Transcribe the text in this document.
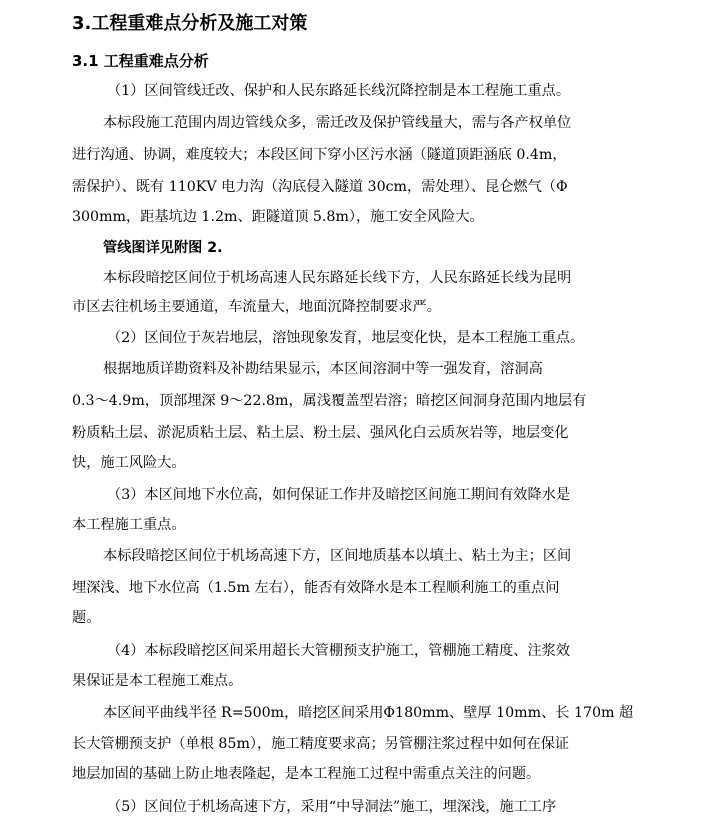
3.工程重难点分析及施工对策
3.1 工程重难点分析
（1）区间管线迁改、保护和人民东路延长线沉降控制是本工程施工重点。
本标段施工范围内周边管线众多，需迁改及保护管线量大，需与各产权单位
进行沟通、协调，难度较大；本段区间下穿小区污水涵（隧道顶距涵底 0.4m，
需保护）、既有 110KV 电力沟（沟底侵入隧道 30cm，需处理）、昆仑燃气（Φ
300mm，距基坑边 1.2m、距隧道顶 5.8m），施工安全风险大。
管线图详见附图 2.
本标段暗挖区间位于机场高速人民东路延长线下方，人民东路延长线为昆明
市区去往机场主要通道，车流量大，地面沉降控制要求严。
（2）区间位于灰岩地层，溶蚀现象发育，地层变化快，是本工程施工重点。
根据地质详勘资料及补勘结果显示，本区间溶洞中等一强发育，溶洞高
0.3～4.9m，顶部埋深 9～22.8m，属浅覆盖型岩溶；暗挖区间洞身范围内地层有
粉质粘土层、淤泥质粘土层、粘土层、粉土层、强风化白云质灰岩等，地层变化
快，施工风险大。
（3）本区间地下水位高，如何保证工作井及暗挖区间施工期间有效降水是
本工程施工重点。
本标段暗挖区间位于机场高速下方，区间地质基本以填土、粘土为主；区间
埋深浅、地下水位高（1.5m 左右），能否有效降水是本工程顺利施工的重点问
题。
（4）本标段暗挖区间采用超长大管棚预支护施工，管棚施工精度、注浆效
果保证是本工程施工难点。
本区间平曲线半径 R=500m，暗挖区间采用Φ180mm、壁厚 10mm、长 170m 超
长大管棚预支护（单根 85m），施工精度要求高；另管棚注浆过程中如何在保证
地层加固的基础上防止地表隆起，是本工程施工过程中需重点关注的问题。
（5）区间位于机场高速下方，采用“中导洞法”施工，埋深浅，施工工序
